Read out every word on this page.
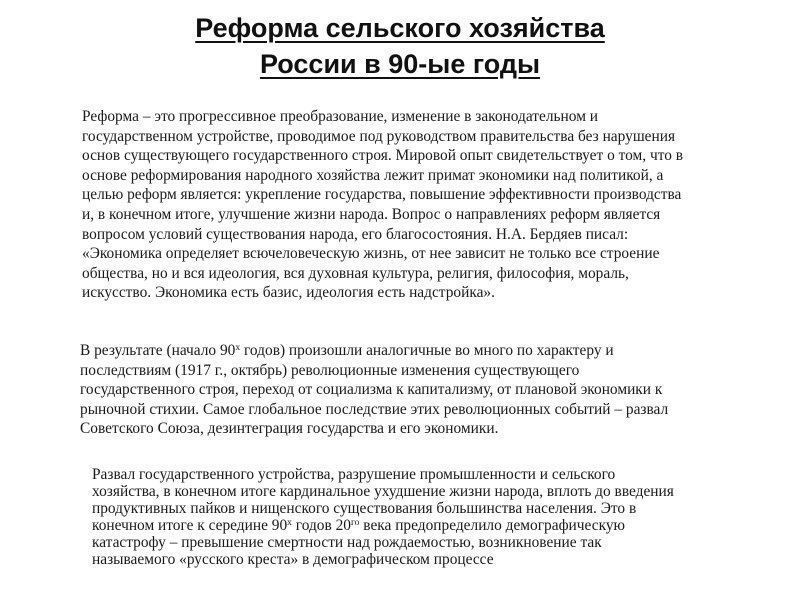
Реформа сельского хозяйства
России в 90-ые годы

Реформа – это прогрессивное преобразование, изменение в законодательном и
государственном устройстве, проводимое под руководством правительства без нарушения
основ существующего государственного строя. Мировой опыт свидетельствует о том, что в
основе реформирования народного хозяйства лежит примат экономики над политикой, а
целью реформ является: укрепление государства, повышение эффективности производства
и, в конечном итоге, улучшение жизни народа. Вопрос о направлениях реформ является
вопросом условий существования народа, его благосостояния. Н.А. Бердяев писал:
«Экономика определяет всючеловеческую жизнь, от нее зависит не только все строение
общества, но и вся идеология, вся духовная культура, религия, философия, мораль,
искусство. Экономика есть базис, идеология есть надстройка».

В результате (начало $90^х$ годов) произошли аналогичные во много по характеру и
последствиям (1917 г., октябрь) революционные изменения существующего
государственного строя, переход от социализма к капитализму, от плановой экономики к
рыночной стихии. Самое глобальное последствие этих революционных событий – развал
Советского Союза, дезинтеграция государства и его экономики.

Развал государственного устройства, разрушение промышленности и сельского
хозяйства, в конечном итоге кардинальное ухудшение жизни народа, вплоть до введения
продуктивных пайков и нищенского существования большинства населения. Это в
конечном итоге к середине $90^х$ годов $20^{го}$ века предопределило демографическую
катастрофу – превышение смертности над рождаемостью, возникновение так
называемого «русского креста» в демографическом процессе
